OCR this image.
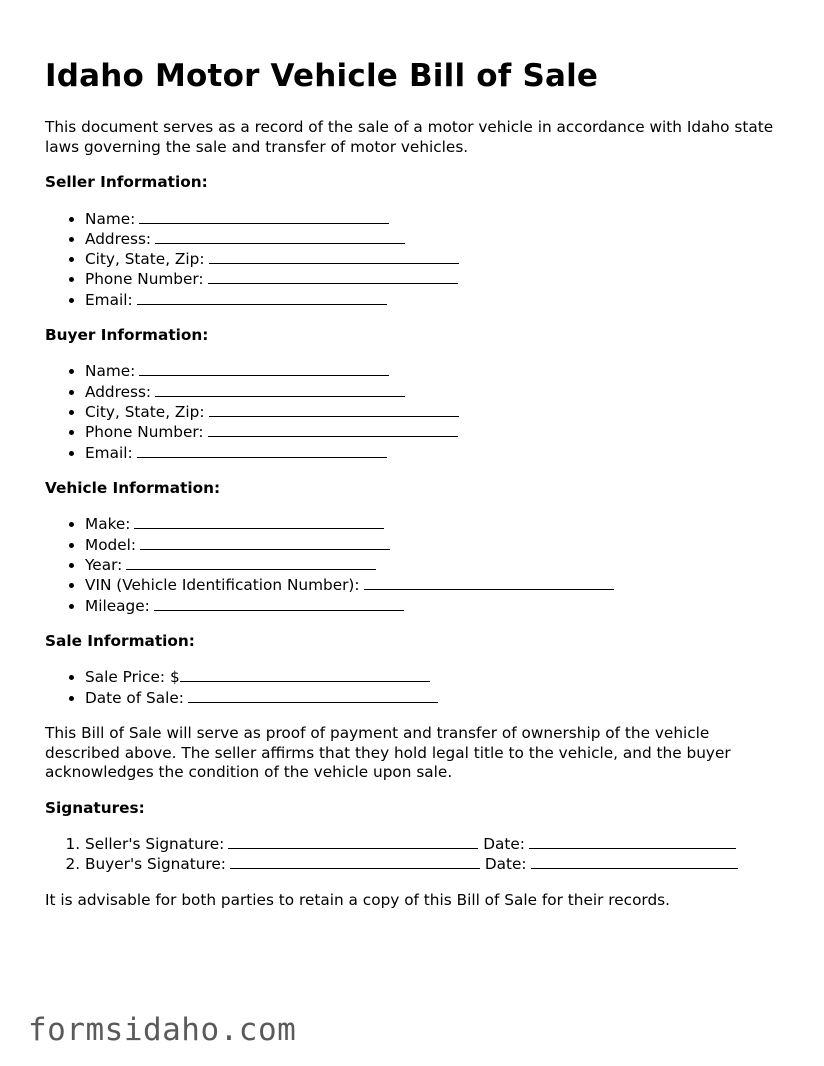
Idaho Motor Vehicle Bill of Sale

This document serves as a record of the sale of a motor vehicle in accordance with Idaho state laws governing the sale and transfer of motor vehicles.

Seller Information:
• Name:
• Address:
• City, State, Zip:
• Phone Number:
• Email:
Buyer Information:
• Name:
• Address:
• City, State, Zip:
• Phone Number:
• Email:
Vehicle Information:
• Make:
• Model:
• Year:
• VIN (Vehicle Identification Number):
• Mileage:
Sale Information:
• Sale Price: $
• Date of Sale:

This Bill of Sale will serve as proof of payment and transfer of ownership of the vehicle described above. The seller affirms that they hold legal title to the vehicle, and the buyer acknowledges the condition of the vehicle upon sale.

Signatures:
1. Seller's Signature:	Date:
2. Buyer's Signature:	Date:

It is advisable for both parties to retain a copy of this Bill of Sale for their records.

formsidaho.com
